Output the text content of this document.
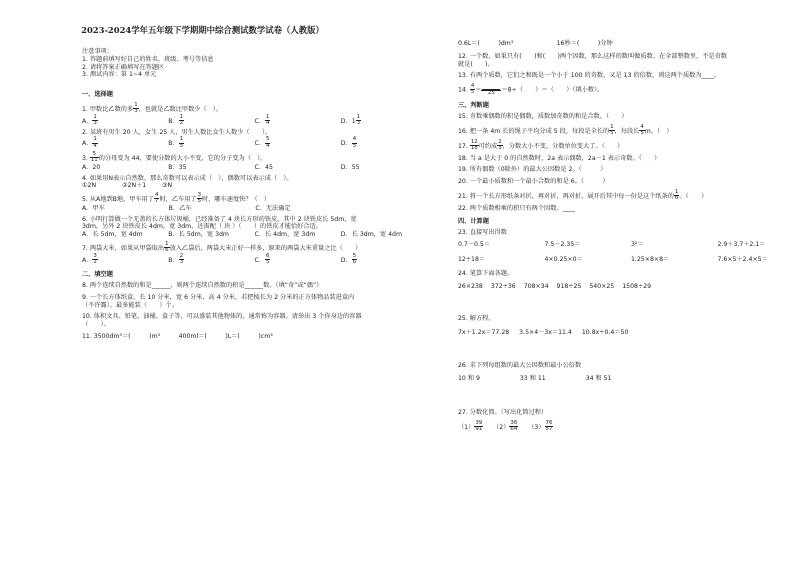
2023-2024学年五年级下学期期中综合测试数学试卷（人教版）
注意事项：
1. 答题前填写好自己的姓名、班级、考号等信息
2. 请将答案正确填写在答题区
3. 测试内容：第 1~4 单元
一、选择题
1. 甲数比乙数的多 $\frac{1}{3}$ ，也就是乙数比甲数少（　）。
A． $\frac{1}{3}$	B． $\frac{1}{2}$	C． $\frac{1}{4}$	D．$1 \frac{1}{3}$
2. 某班有男生 20 人，女生 25 人，男生人数比女生人数少（　　）。
A． $\frac{1}{4}$	B． $\frac{1}{5}$	C． $\frac{5}{4}$	D． $\frac{4}{5}$
3. $\frac{5}{11}$ 的分母变为 44，要使分数的大小不变，它的分子变为（　）。
A．20	B．35	C．45	D．55
4. 如果用N表示自然数，那么奇数可以表示成（　），偶数可以表示成（　）。
①2N	②2N＋1	③N
5. 从A地到B地，甲车用了 $\frac{4}{7}$ 时，乙车用了 $\frac{3}{5}$ 时，哪车速度快？（　）
A．甲车	B．乙车	C．无法确定
6. 小明打算做一个无盖的长方体垃圾桶，已经准备了 4 块长方形的铁皮，其中 2 块铁皮长 5dm，宽
3dm，另外 2 块铁皮长 4dm，宽 3dm，还需配（ 块 ）（　　）的铁皮才能恰好合适。
A．长 5dm，宽 4dm	B．长 5dm，宽 3dm	C．长 4dm，宽 3dm	D．长 3dm，宽 4dm
7. 两袋大米，如果从甲袋取出 $\frac{1}{6}$ 放入乙袋后，两袋大米正好一样多，原来的两袋大米重量之比（　　）
A． $\frac{3}{2}$	B． $\frac{2}{3}$	C． $\frac{6}{5}$	D． $\frac{5}{6}$
二、填空题
8. 两个连续自然数的和是______，则两个连续自然数的积是______数。（填“奇”或“偶”）
9. 一个长方体纸盒，长 10 分米，宽 6 分米，高 4 分米，若把棱长为 2 分米的正方体物品装进盒内
（不许露），最多能装（　　）个。
10. 体积文具、铅笔、油桶、盒子等，可以盛装其他物体的，通常称为容器。请举出 3 个你身边的容器
（　　）。
11. 3500dm³＝(　　　)m³　　　400ml＝(　　　)L＝(　　　)cm³
0.6L＝(　　　)dm³　　　　　　　16秒＝(　　　)分钟
12. 一个数，如果只有(　　)和(　　)两个因数，那么这样的数叫做质数。在全部整数里，不是奇数
就是(　　)。
13. 有两个质数，它们之和既是一个小于 100 的奇数，又是 13 的倍数，则这两个质数为____。
14. $\frac{4}{5}$ ＝	25	＝8÷（　　）＝（　　）（填小数）。
三、判断题
15. 奇数乘偶数的积是偶数，质数加奇数的和是合数。（　　）
16. 把一条 4m 长的绳子平均分成 5 段，每段是全长的 $\frac{1}{5}$ ，每段长 $\frac{4}{5}$ m。（　）
17. $\frac{12}{18}$ 可约成 $\frac{2}{3}$ ，分数大小不变，分数单位变大了。（　　）
18. 当 a 是大于 0 的自然数时，2a 表示偶数，2a－1 表示奇数。（　　）
19. 所有偶数（0除外）的最大公因数是 2。（　　　）
20. 一个最小质数和一个最小合数的和是 6。（　　　）
21. 将一个长方形纸条对折，再对折，再对折，展开后其中每一份是这个纸条的 $\frac{1}{6}$ 。（　　）
22. 两个质数相乘的积只有两个因数。____
四、计算题
23. 直接写出得数
0.7－0.5＝	7.5－2.35＝	3²＝	2.9＋3.7＋2.1＝
12÷18＝	4×0.25×0＝	1.25×8×8＝	7.6×5＋2.4×5＝
24. 笔算下面各题。
26×238 372÷36 708×34 918÷25 540×25 1508÷29
25. 解方程。
7x＋1.2x＝77.28 3.5×4－3x＝11.4 10.8x÷0.4＝50
26. 求下列每组数的最大公因数和最小公倍数
10 和 9	33 和 11	34 和 51
27. 分数化简。（写出化简过程）
$(1) \frac{39}{91} (2) \frac{36}{64} (3) \frac{76}{57}$
